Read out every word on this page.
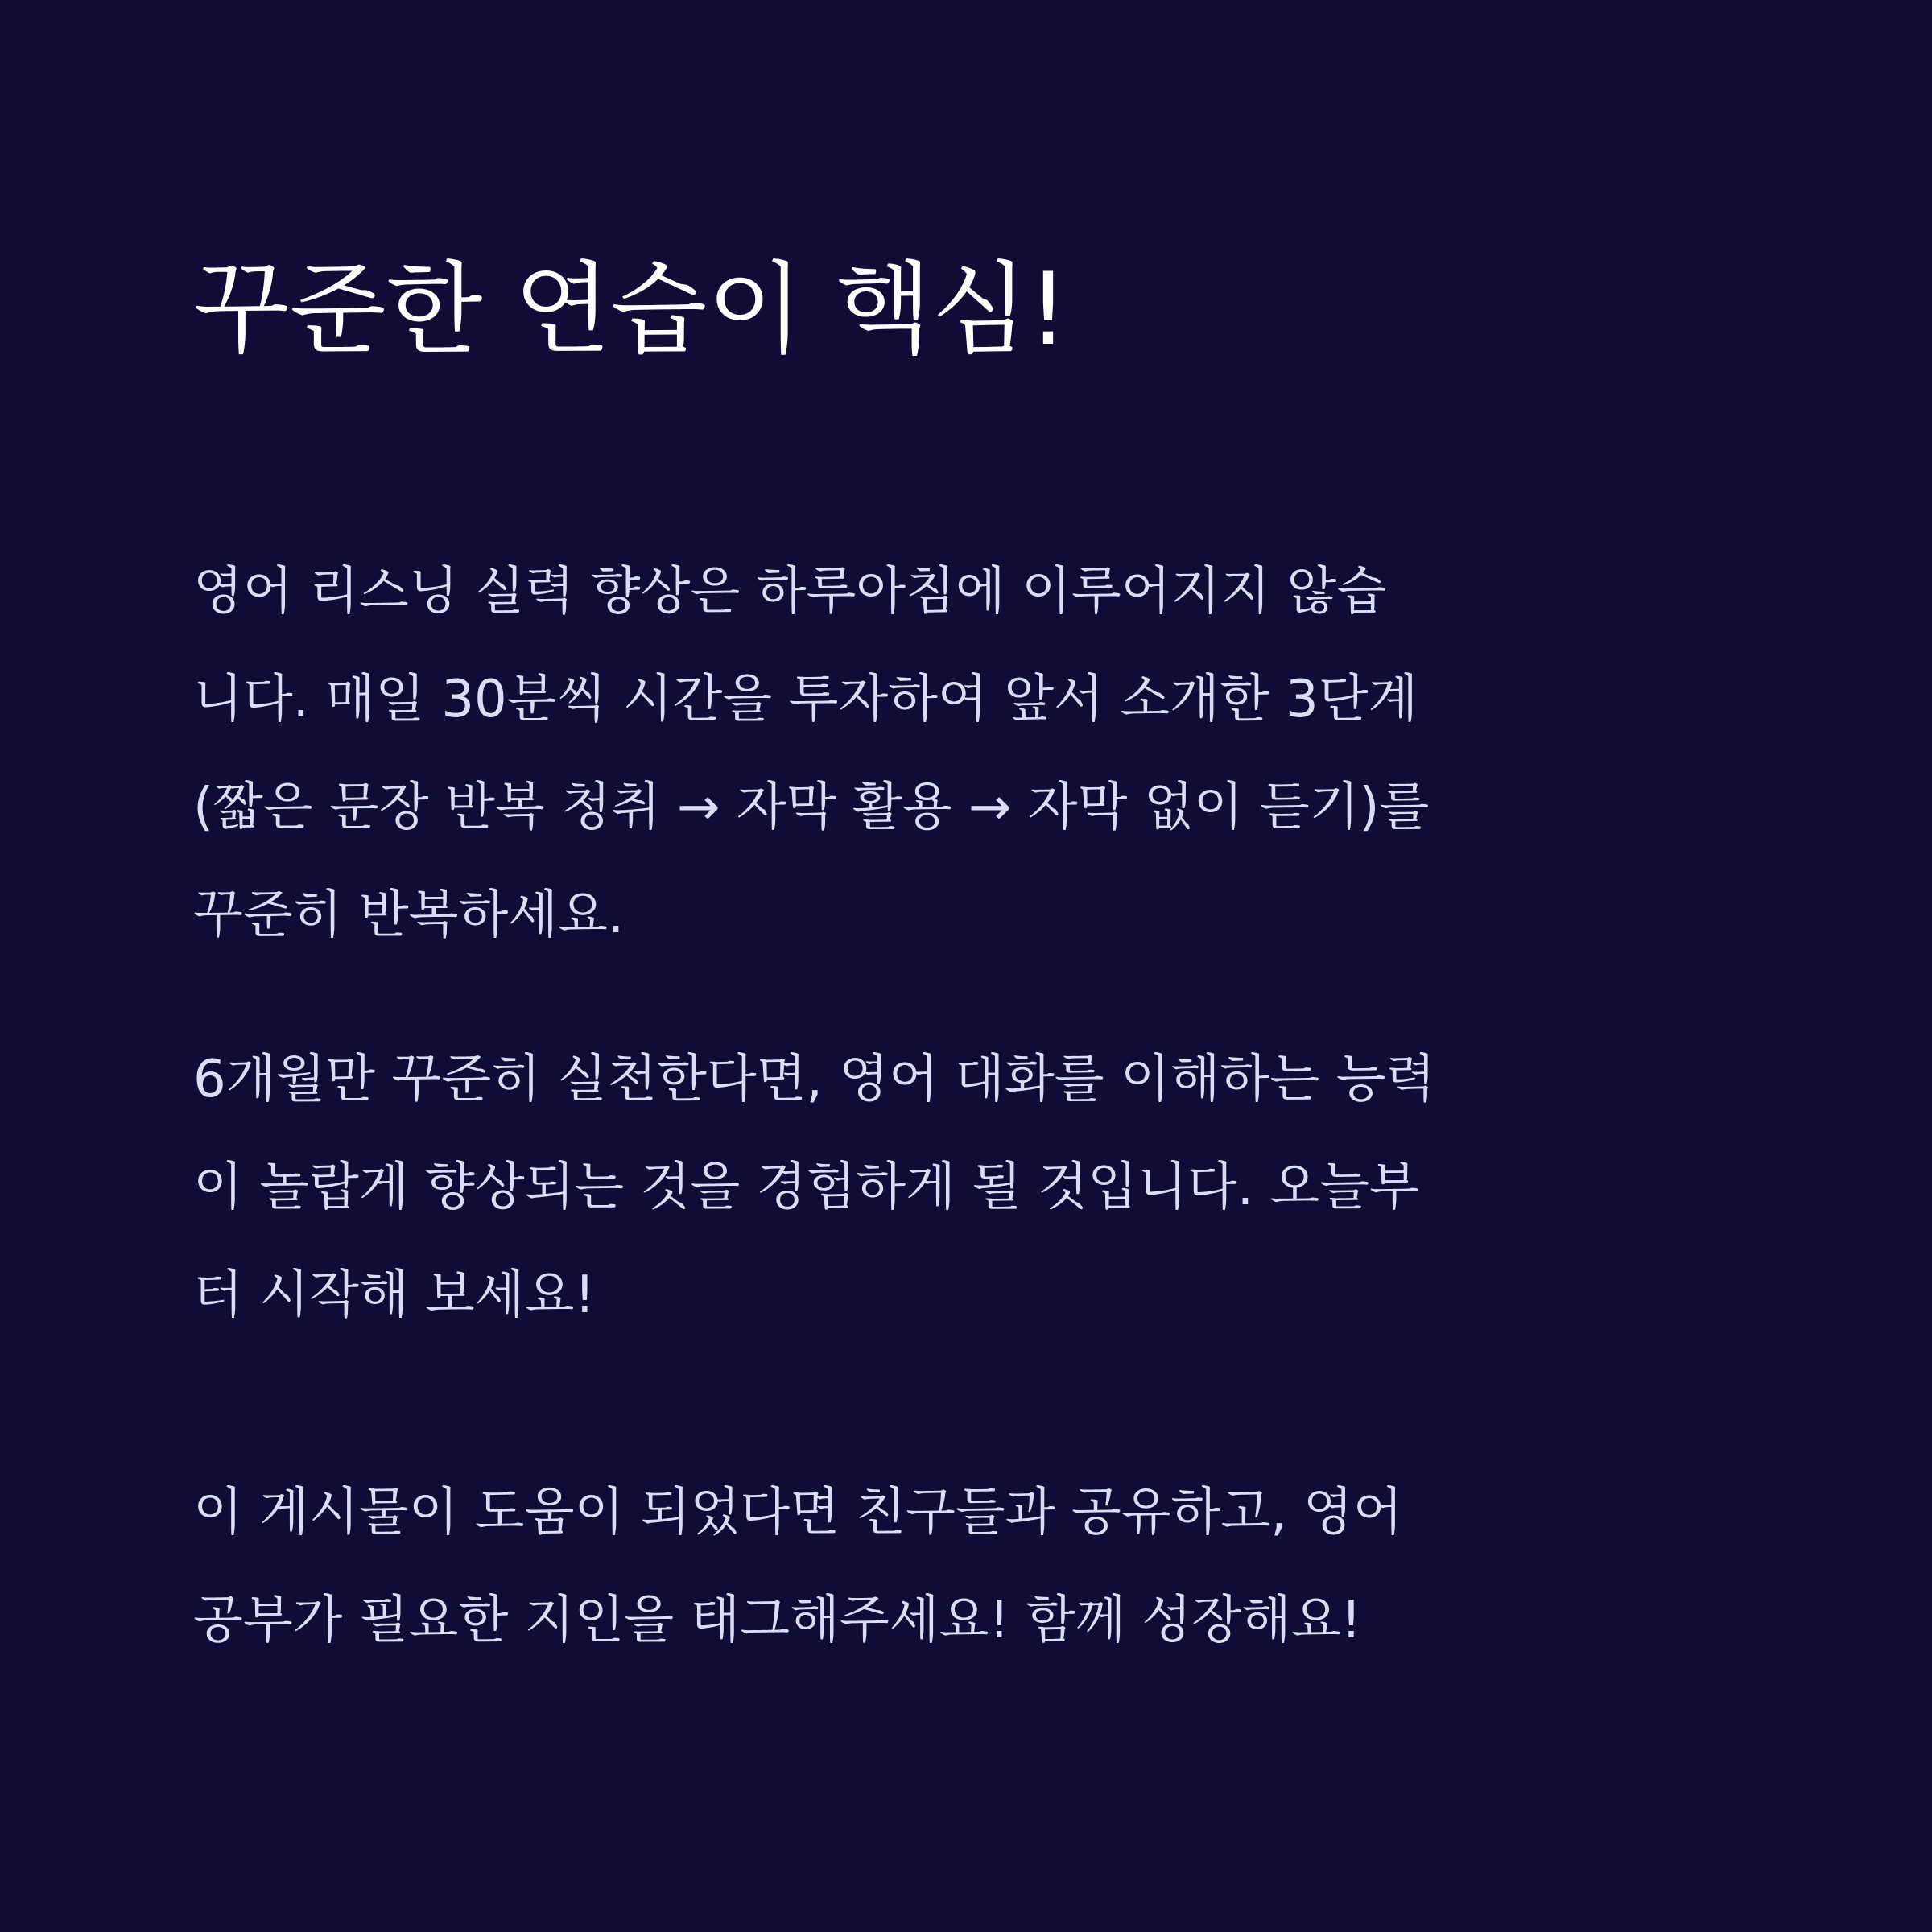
꾸준한 연습이 핵심!
영어 리스닝 실력 향상은 하루아침에 이루어지지 않습
니다. 매일 30분씩 시간을 투자하여 앞서 소개한 3단계
(짧은 문장 반복 청취 → 자막 활용 → 자막 없이 듣기)를
꾸준히 반복하세요.
6개월만 꾸준히 실천한다면, 영어 대화를 이해하는 능력
이 놀랍게 향상되는 것을 경험하게 될 것입니다. 오늘부
터 시작해 보세요!
이 게시물이 도움이 되었다면 친구들과 공유하고, 영어
공부가 필요한 지인을 태그해주세요! 함께 성장해요!
